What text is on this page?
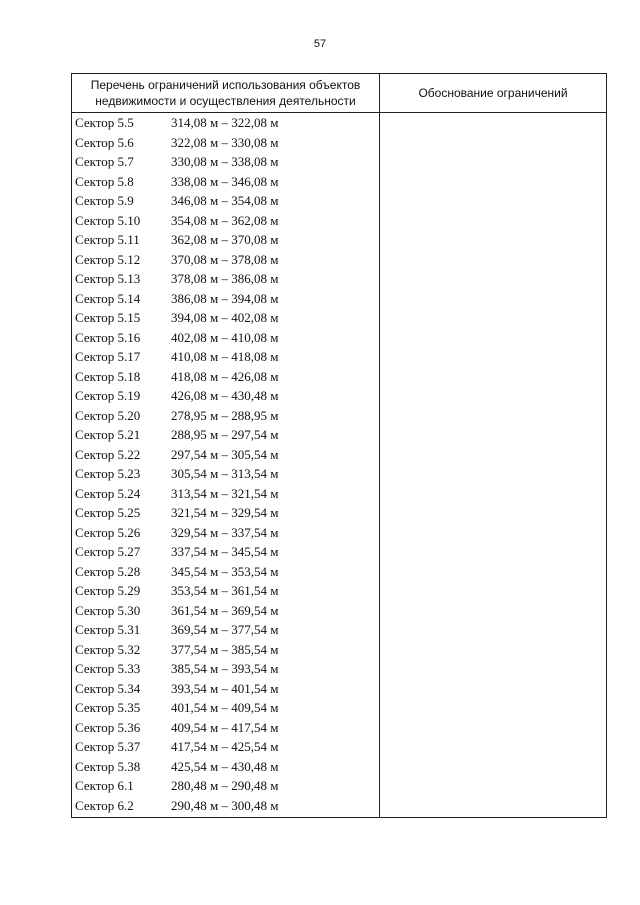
57
Перечень ограничений использования объектов недвижимости и осуществления деятельности	Обоснование ограничений
Сектор 5.5 314,08 м – 322,08 м	
Сектор 5.6 322,08 м – 330,08 м	
Сектор 5.7 330,08 м – 338,08 м	
Сектор 5.8 338,08 м – 346,08 м	
Сектор 5.9 346,08 м – 354,08 м	
Сектор 5.10 354,08 м – 362,08 м	
Сектор 5.11 362,08 м – 370,08 м	
Сектор 5.12 370,08 м – 378,08 м	
Сектор 5.13 378,08 м – 386,08 м	
Сектор 5.14 386,08 м – 394,08 м	
Сектор 5.15 394,08 м – 402,08 м	
Сектор 5.16 402,08 м – 410,08 м	
Сектор 5.17 410,08 м – 418,08 м	
Сектор 5.18 418,08 м – 426,08 м	
Сектор 5.19 426,08 м – 430,48 м	
Сектор 5.20 278,95 м – 288,95 м	
Сектор 5.21 288,95 м – 297,54 м	
Сектор 5.22 297,54 м – 305,54 м	
Сектор 5.23 305,54 м – 313,54 м	
Сектор 5.24 313,54 м – 321,54 м	
Сектор 5.25 321,54 м – 329,54 м	
Сектор 5.26 329,54 м – 337,54 м	
Сектор 5.27 337,54 м – 345,54 м	
Сектор 5.28 345,54 м – 353,54 м	
Сектор 5.29 353,54 м – 361,54 м	
Сектор 5.30 361,54 м – 369,54 м	
Сектор 5.31 369,54 м – 377,54 м	
Сектор 5.32 377,54 м – 385,54 м	
Сектор 5.33 385,54 м – 393,54 м	
Сектор 5.34 393,54 м – 401,54 м	
Сектор 5.35 401,54 м – 409,54 м	
Сектор 5.36 409,54 м – 417,54 м	
Сектор 5.37 417,54 м – 425,54 м	
Сектор 5.38 425,54 м – 430,48 м	
Сектор 6.1 280,48 м – 290,48 м	
Сектор 6.2 290,48 м – 300,48 м	
